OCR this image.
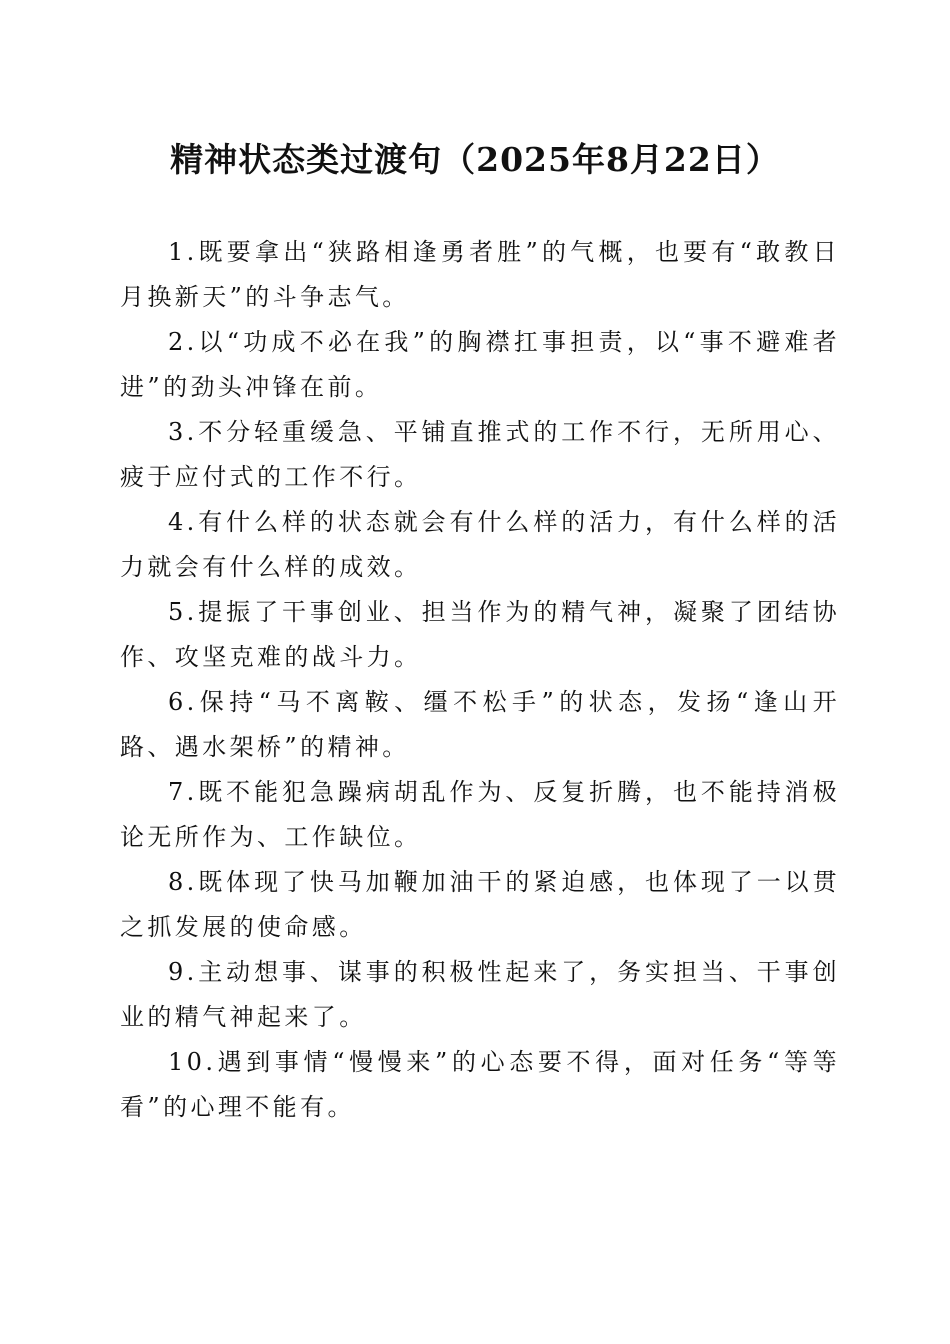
精神状态类过渡句（2025年8月22日）

1.既要拿出“狭路相逢勇者胜”的气概，也要有“敢教日月换新天”的斗争志气。

2.以“功成不必在我”的胸襟扛事担责，以“事不避难者进”的劲头冲锋在前。

3.不分轻重缓急、平铺直推式的工作不行，无所用心、疲于应付式的工作不行。

4.有什么样的状态就会有什么样的活力，有什么样的活力就会有什么样的成效。

5.提振了干事创业、担当作为的精气神，凝聚了团结协作、攻坚克难的战斗力。

6.保持“马不离鞍、缰不松手”的状态，发扬“逢山开路、遇水架桥”的精神。

7.既不能犯急躁病胡乱作为、反复折腾，也不能持消极论无所作为、工作缺位。

8.既体现了快马加鞭加油干的紧迫感，也体现了一以贯之抓发展的使命感。

9.主动想事、谋事的积极性起来了，务实担当、干事创业的精气神起来了。

10.遇到事情“慢慢来”的心态要不得，面对任务“等等看”的心理不能有。
